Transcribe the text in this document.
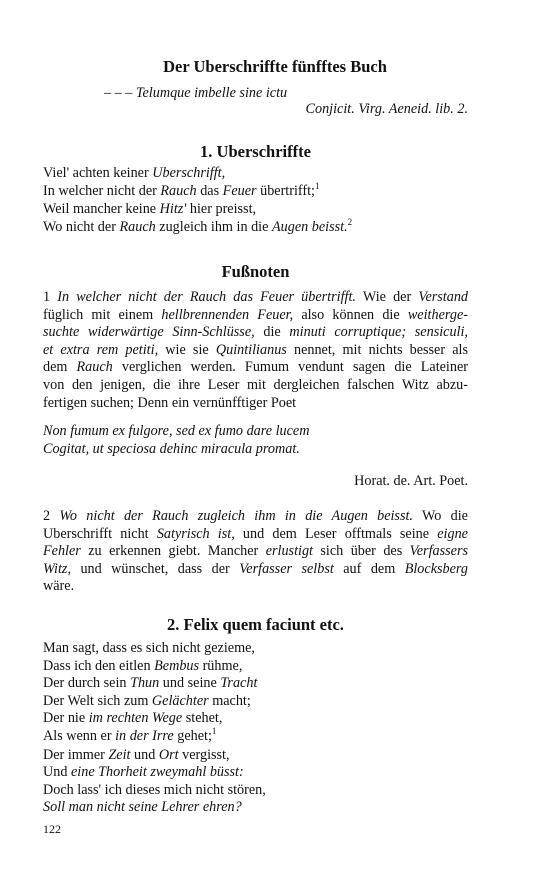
Der Uberschriffte fünfftes Buch
– – – Telumque imbelle sine ictu
Conjicit. Virg. Aeneid. lib. 2.
1. Uberschriffte
Viel' achten keiner Uberschrifft,
In welcher nicht der Rauch das Feuer übertrifft;$^1$
Weil mancher keine Hitz' hier preisst,
Wo nicht der Rauch zugleich ihm in die Augen beisst.$^2$
Fußnoten
1 In welcher nicht der Rauch das Feuer übertrifft. Wie der Verstand
füglich mit einem hellbrennenden Feuer, also können die weitherge-
suchte widerwärtige Sinn-Schlüsse, die minuti corruptique; sensiculi,
et extra rem petiti, wie sie Quintilianus nennet, mit nichts besser als
dem Rauch verglichen werden. Fumum vendunt sagen die Lateiner
von den jenigen, die ihre Leser mit dergleichen falschen Witz abzu-
fertigen suchen; Denn ein vernünfftiger Poet
Non fumum ex fulgore, sed ex fumo dare lucem
Cogitat, ut speciosa dehinc miracula promat.
Horat. de. Art. Poet.
2 Wo nicht der Rauch zugleich ihm in die Augen beisst. Wo die
Uberschrifft nicht Satyrisch ist, und dem Leser offtmals seine eigne
Fehler zu erkennen giebt. Mancher erlustigt sich über des Verfassers
Witz, und wünschet, dass der Verfasser selbst auf dem Blocksberg
wäre.
2. Felix quem faciunt etc.
Man sagt, dass es sich nicht gezieme,
Dass ich den eitlen Bembus rühme,
Der durch sein Thun und seine Tracht
Der Welt sich zum Gelächter macht;
Der nie im rechten Wege stehet,
Als wenn er in der Irre gehet;$^1$
Der immer Zeit und Ort vergisst,
Und eine Thorheit zweymahl büsst:
Doch lass' ich dieses mich nicht stören,
Soll man nicht seine Lehrer ehren?
122
